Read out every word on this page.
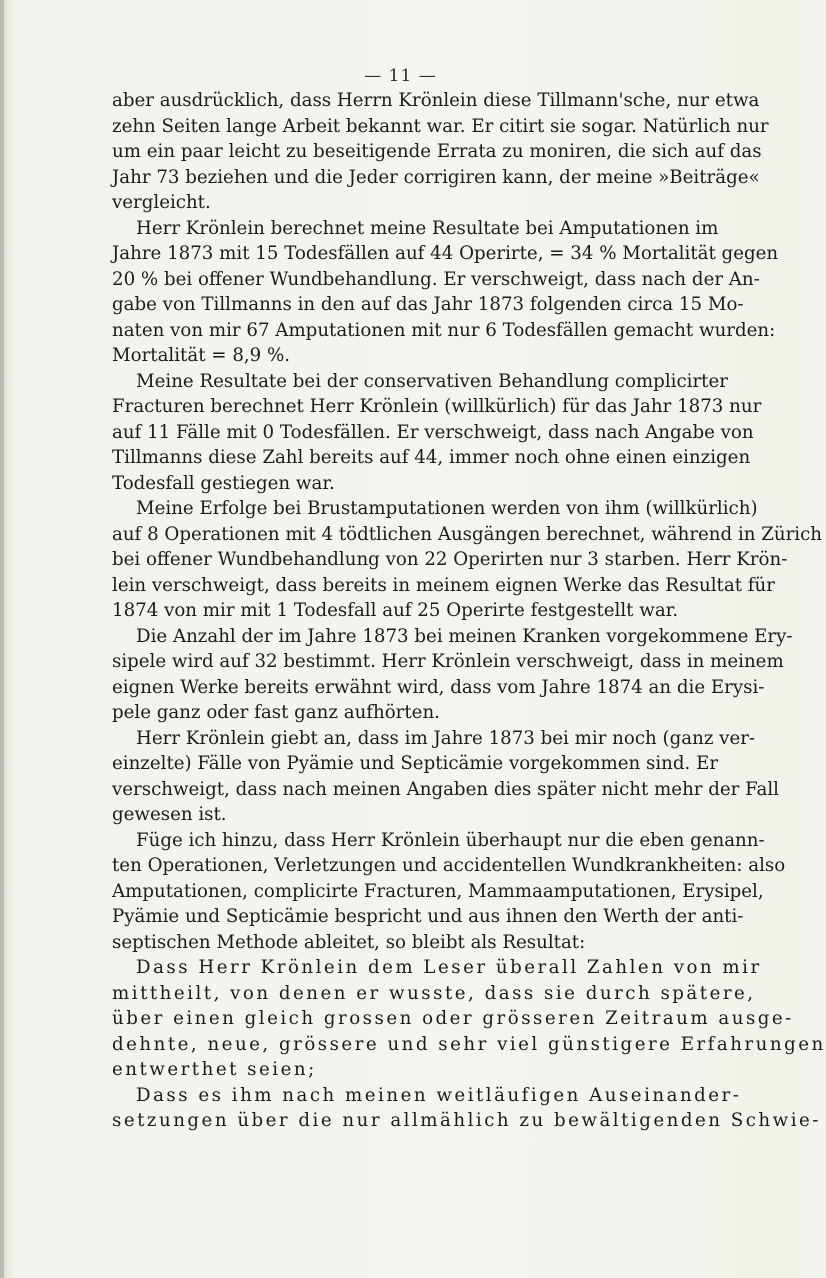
— 11 —
aber ausdrücklich, dass Herrn Krönlein diese Tillmann'sche, nur etwa
zehn Seiten lange Arbeit bekannt war. Er citirt sie sogar. Natürlich nur
um ein paar leicht zu beseitigende Errata zu moniren, die sich auf das
Jahr 73 beziehen und die Jeder corrigiren kann, der meine »Beiträge«
vergleicht.
Herr Krönlein berechnet meine Resultate bei Amputationen im
Jahre 1873 mit 15 Todesfällen auf 44 Operirte, = 34 % Mortalität gegen
20 % bei offener Wundbehandlung. Er verschweigt, dass nach der An-
gabe von Tillmanns in den auf das Jahr 1873 folgenden circa 15 Mo-
naten von mir 67 Amputationen mit nur 6 Todesfällen gemacht wurden:
Mortalität = 8,9 %.
Meine Resultate bei der conservativen Behandlung complicirter
Fracturen berechnet Herr Krönlein (willkürlich) für das Jahr 1873 nur
auf 11 Fälle mit 0 Todesfällen. Er verschweigt, dass nach Angabe von
Tillmanns diese Zahl bereits auf 44, immer noch ohne einen einzigen
Todesfall gestiegen war.
Meine Erfolge bei Brustamputationen werden von ihm (willkürlich)
auf 8 Operationen mit 4 tödtlichen Ausgängen berechnet, während in Zürich
bei offener Wundbehandlung von 22 Operirten nur 3 starben. Herr Krön-
lein verschweigt, dass bereits in meinem eignen Werke das Resultat für
1874 von mir mit 1 Todesfall auf 25 Operirte festgestellt war.
Die Anzahl der im Jahre 1873 bei meinen Kranken vorgekommene Ery-
sipele wird auf 32 bestimmt. Herr Krönlein verschweigt, dass in meinem
eignen Werke bereits erwähnt wird, dass vom Jahre 1874 an die Erysi-
pele ganz oder fast ganz aufhörten.
Herr Krönlein giebt an, dass im Jahre 1873 bei mir noch (ganz ver-
einzelte) Fälle von Pyämie und Septicämie vorgekommen sind. Er
verschweigt, dass nach meinen Angaben dies später nicht mehr der Fall
gewesen ist.
Füge ich hinzu, dass Herr Krönlein überhaupt nur die eben genann-
ten Operationen, Verletzungen und accidentellen Wundkrankheiten: also
Amputationen, complicirte Fracturen, Mammaamputationen, Erysipel,
Pyämie und Septicämie bespricht und aus ihnen den Werth der anti-
septischen Methode ableitet, so bleibt als Resultat:
Dass Herr Krönlein dem Leser überall Zahlen von mir
mittheilt, von denen er wusste, dass sie durch spätere,
über einen gleich grossen oder grösseren Zeitraum ausge-
dehnte, neue, grössere und sehr viel günstigere Erfahrungen
entwerthet seien;
Dass es ihm nach meinen weitläufigen Auseinander-
setzungen über die nur allmählich zu bewältigenden Schwie-
